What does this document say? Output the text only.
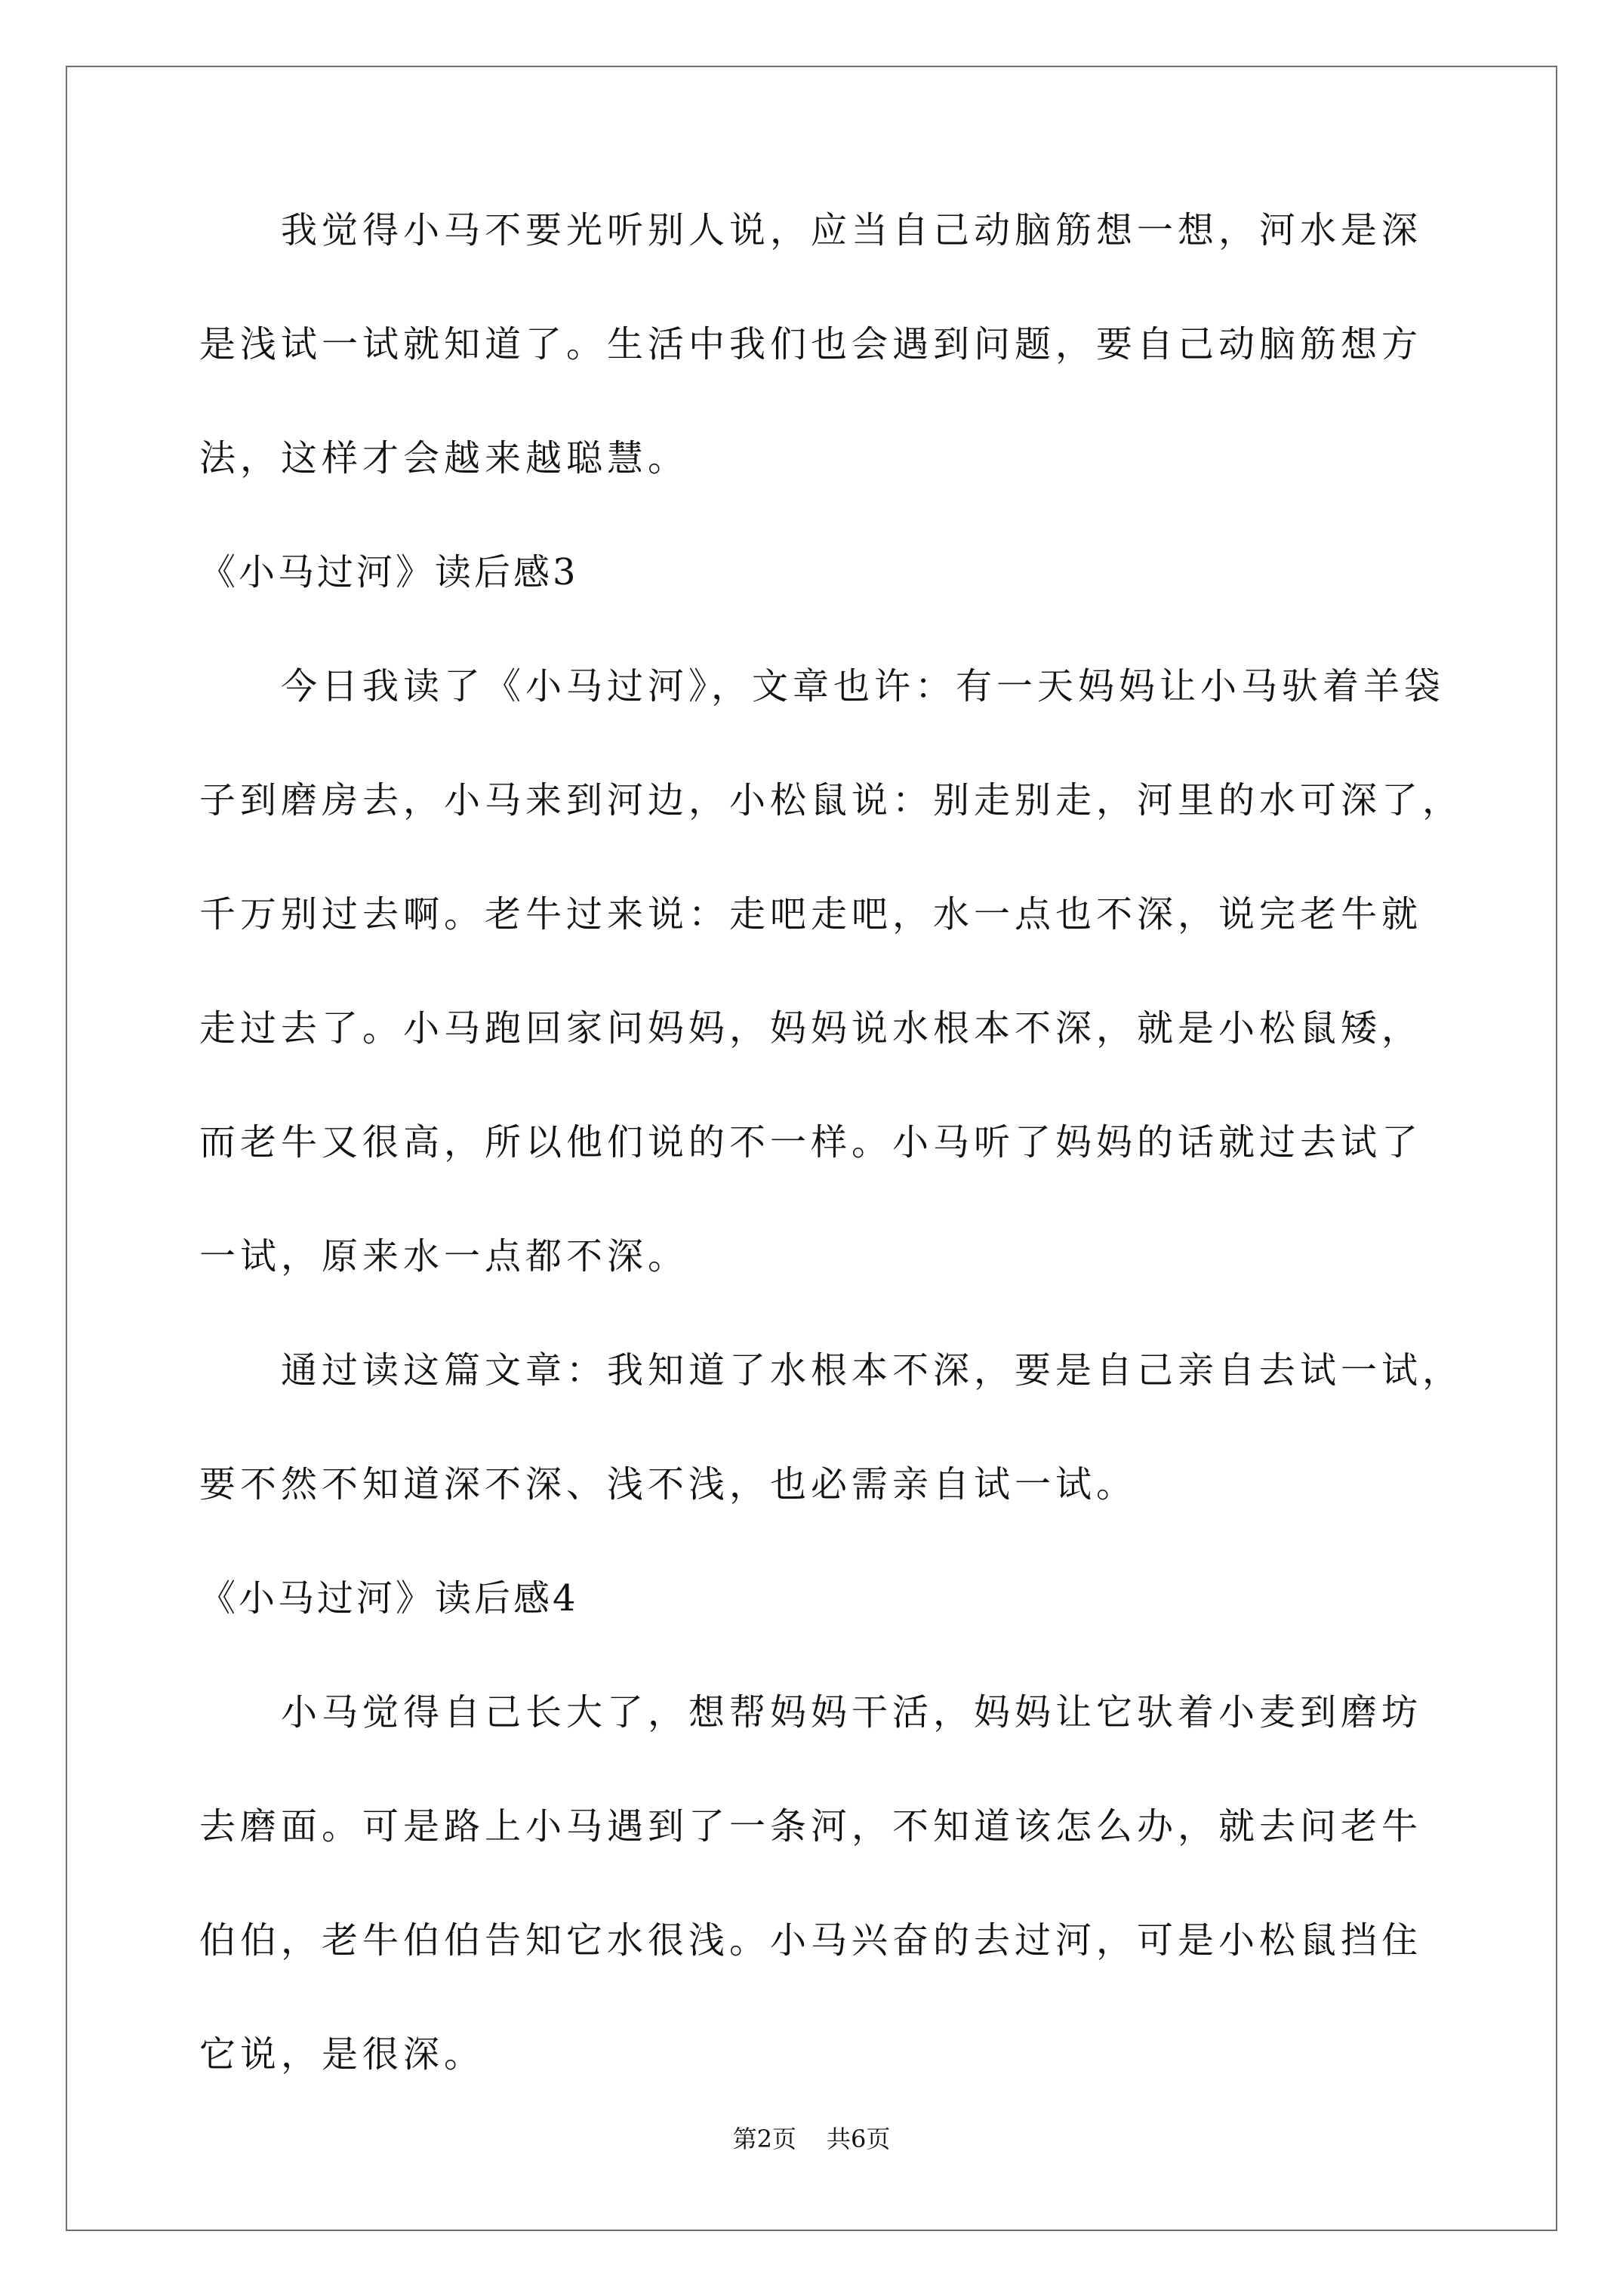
我觉得小马不要光听别人说，应当自己动脑筋想一想，河水是深
是浅试一试就知道了。生活中我们也会遇到问题，要自己动脑筋想方
法，这样才会越来越聪慧。
《小马过河》读后感3
今日我读了《小马过河》，文章也许：有一天妈妈让小马驮着羊袋
子到磨房去，小马来到河边，小松鼠说：别走别走，河里的水可深了，
千万别过去啊。老牛过来说：走吧走吧，水一点也不深，说完老牛就
走过去了。小马跑回家问妈妈，妈妈说水根本不深，就是小松鼠矮，
而老牛又很高，所以他们说的不一样。小马听了妈妈的话就过去试了
一试，原来水一点都不深。
通过读这篇文章：我知道了水根本不深，要是自己亲自去试一试，
要不然不知道深不深、浅不浅，也必需亲自试一试。
《小马过河》读后感4
小马觉得自己长大了，想帮妈妈干活，妈妈让它驮着小麦到磨坊
去磨面。可是路上小马遇到了一条河，不知道该怎么办，就去问老牛
伯伯，老牛伯伯告知它水很浅。小马兴奋的去过河，可是小松鼠挡住
它说，是很深。
第2页 共6页
